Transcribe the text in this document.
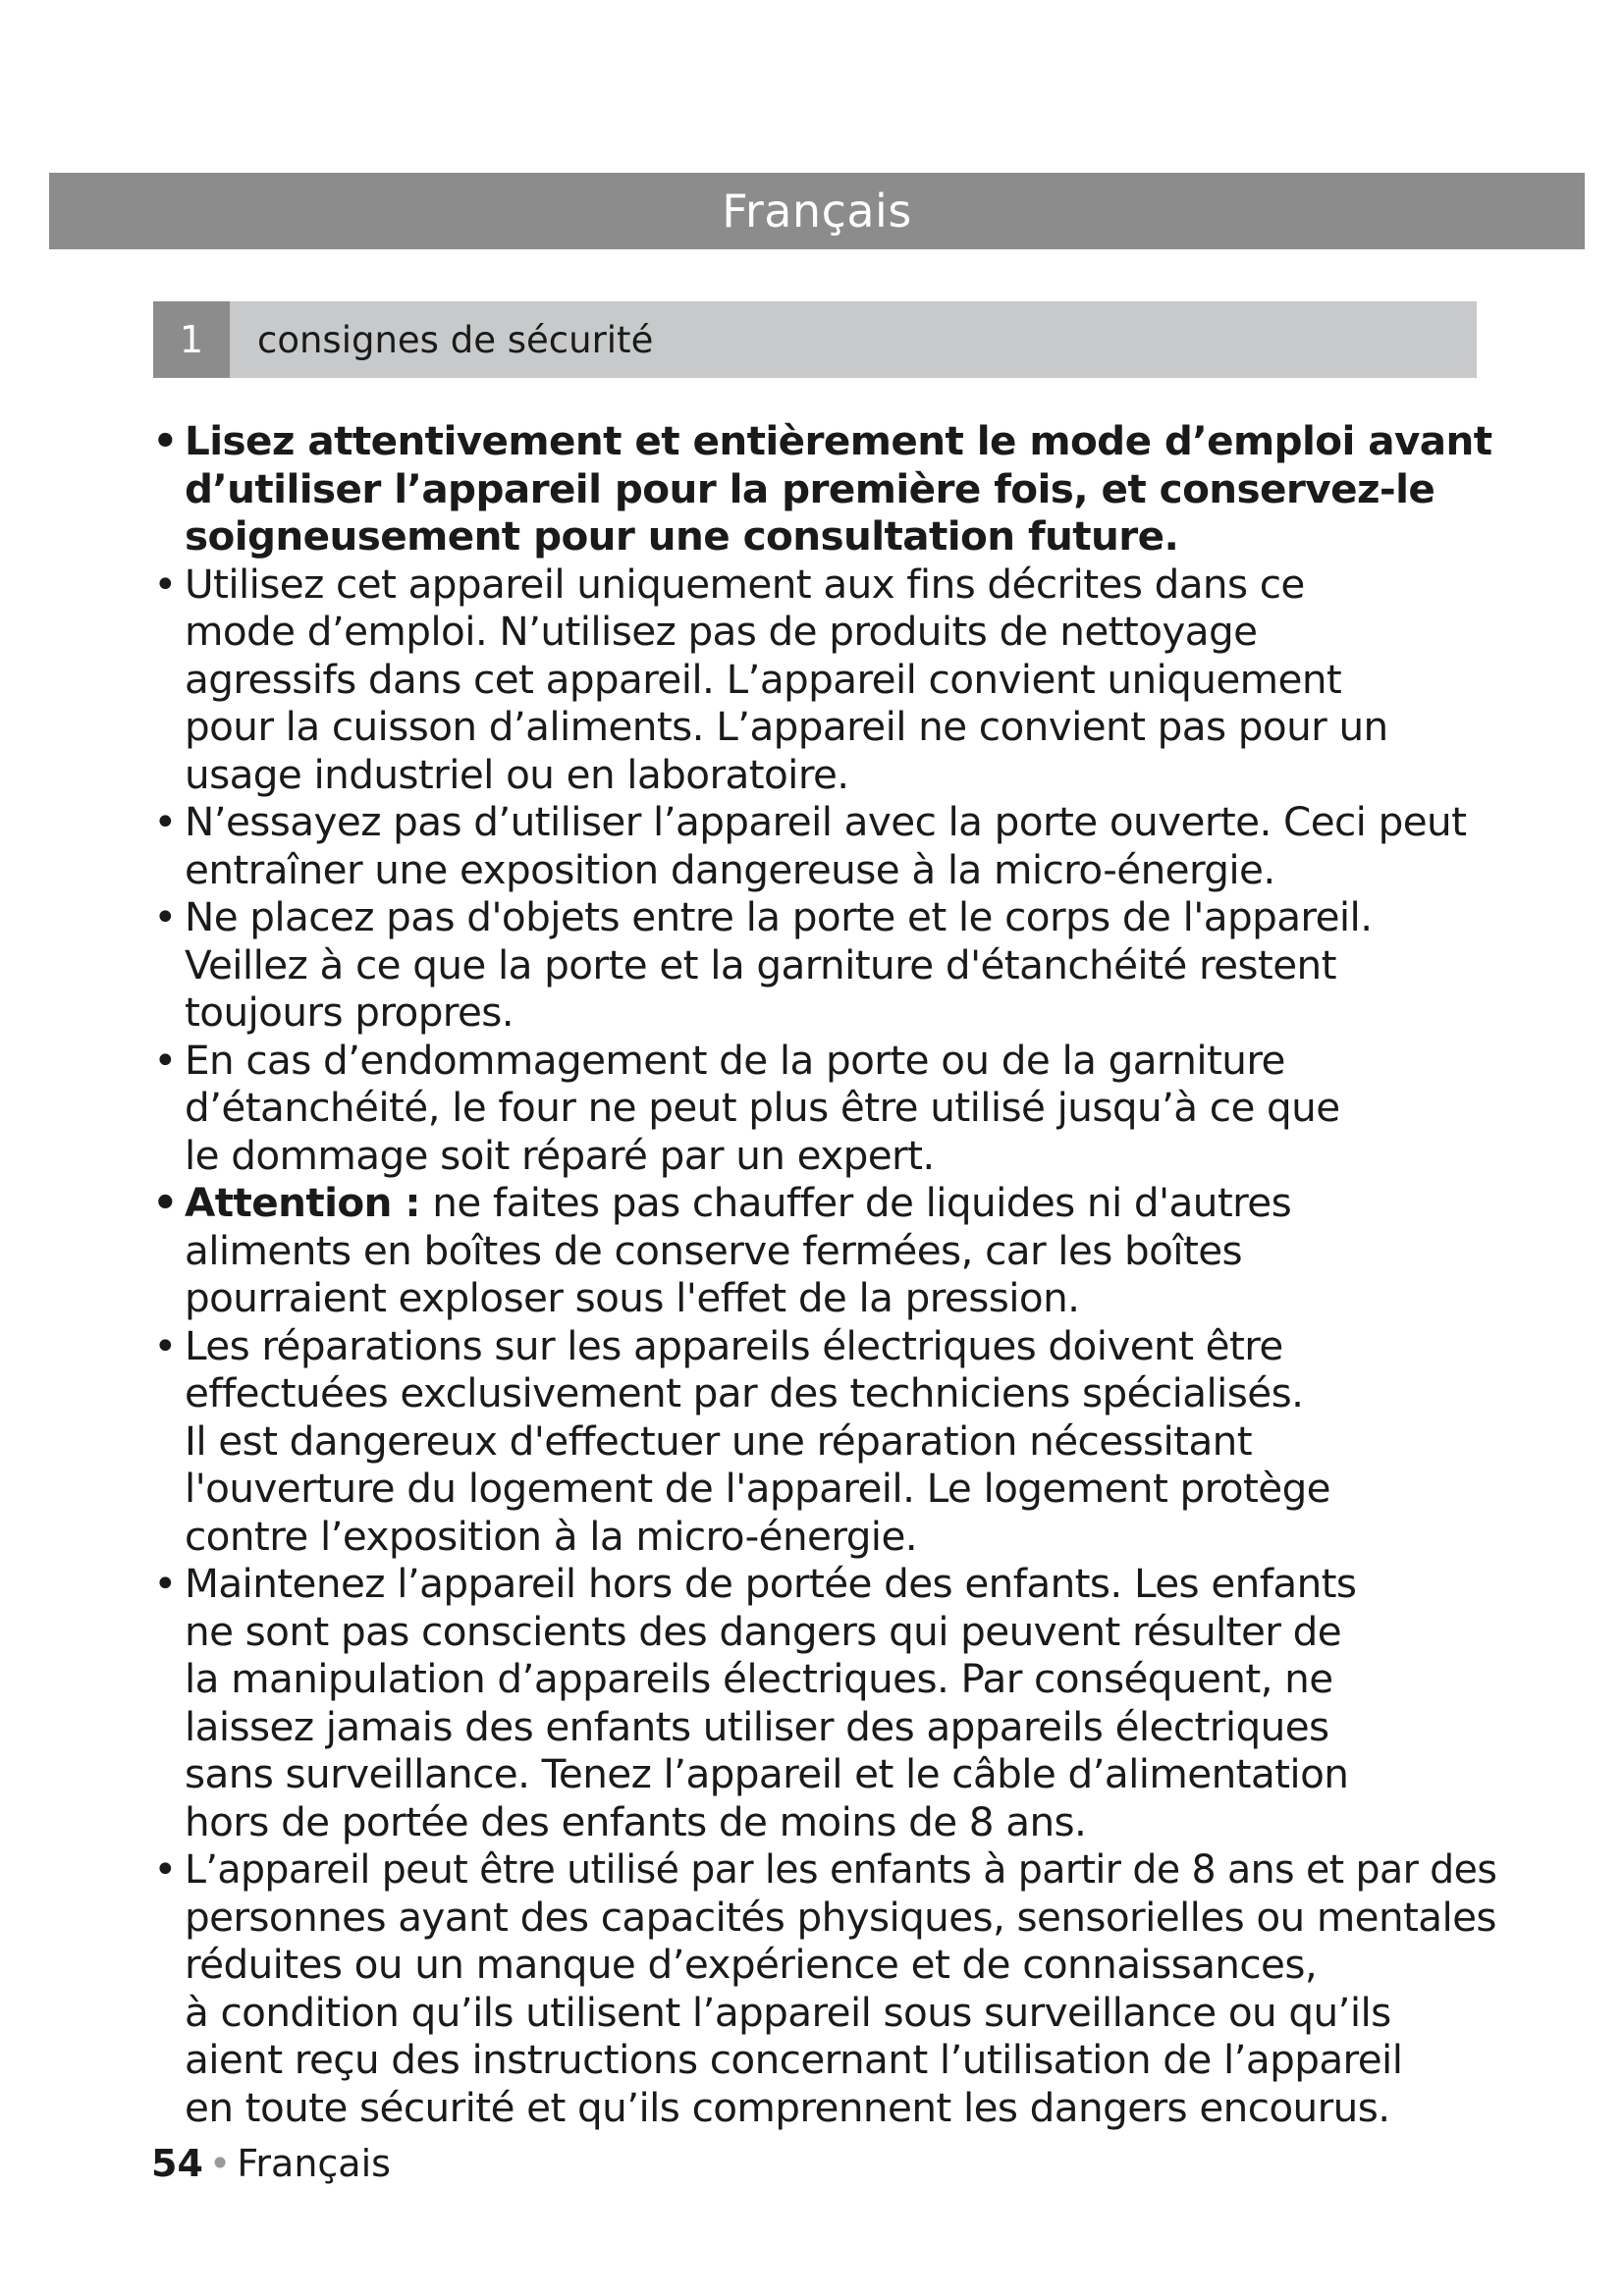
Français
1	consignes de sécurité
• Lisez attentivement et entièrement le mode d’emploi avant
d’utiliser l’appareil pour la première fois, et conservez-le
soigneusement pour une consultation future.
• Utilisez cet appareil uniquement aux fins décrites dans ce
mode d’emploi. N’utilisez pas de produits de nettoyage
agressifs dans cet appareil. L’appareil convient uniquement
pour la cuisson d’aliments. L’appareil ne convient pas pour un
usage industriel ou en laboratoire.
• N’essayez pas d’utiliser l’appareil avec la porte ouverte. Ceci peut
entraîner une exposition dangereuse à la micro-énergie.
• Ne placez pas d'objets entre la porte et le corps de l'appareil.
Veillez à ce que la porte et la garniture d'étanchéité restent
toujours propres.
• En cas d’endommagement de la porte ou de la garniture
d’étanchéité, le four ne peut plus être utilisé jusqu’à ce que
le dommage soit réparé par un expert.
• Attention : ne faites pas chauffer de liquides ni d'autres
aliments en boîtes de conserve fermées, car les boîtes
pourraient exploser sous l'effet de la pression.
• Les réparations sur les appareils électriques doivent être
effectuées exclusivement par des techniciens spécialisés.
Il est dangereux d'effectuer une réparation nécessitant
l'ouverture du logement de l'appareil. Le logement protège
contre l’exposition à la micro-énergie.
• Maintenez l’appareil hors de portée des enfants. Les enfants
ne sont pas conscients des dangers qui peuvent résulter de
la manipulation d’appareils électriques. Par conséquent, ne
laissez jamais des enfants utiliser des appareils électriques
sans surveillance. Tenez l’appareil et le câble d’alimentation
hors de portée des enfants de moins de 8 ans.
• L’appareil peut être utilisé par les enfants à partir de 8 ans et par des
personnes ayant des capacités physiques, sensorielles ou mentales
réduites ou un manque d’expérience et de connaissances,
à condition qu’ils utilisent l’appareil sous surveillance ou qu’ils
aient reçu des instructions concernant l’utilisation de l’appareil
en toute sécurité et qu’ils comprennent les dangers encourus.
54 • Français
